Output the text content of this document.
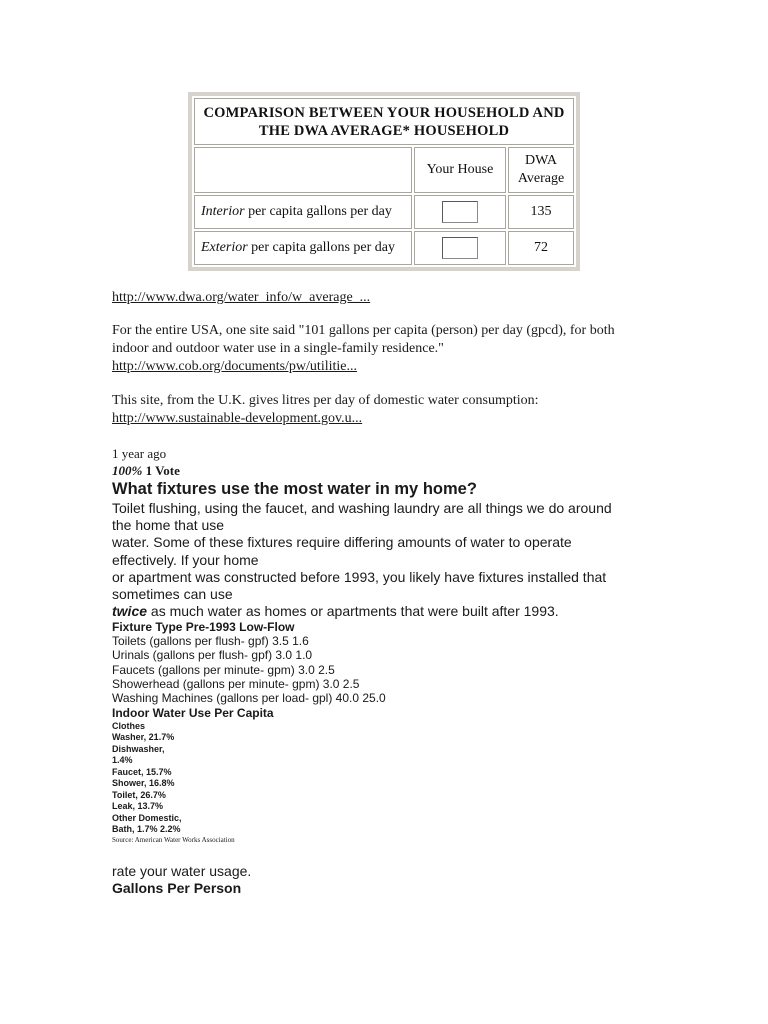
COMPARISON BETWEEN YOUR HOUSEHOLD AND
THE DWA AVERAGE* HOUSEHOLD		
	Your House	DWA
Average
Interior per capita gallons per day		135
Exterior per capita gallons per day		72
http://www.dwa.org/water_info/w_average_...
For the entire USA, one site said "101 gallons per capita (person) per day (gpcd), for both
indoor and outdoor water use in a single-family residence."
http://www.cob.org/documents/pw/utilitie...
This site, from the U.K. gives litres per day of domestic water consumption:
http://www.sustainable-development.gov.u...
1 year ago
100% 1 Vote
What fixtures use the most water in my home?
Toilet flushing, using the faucet, and washing laundry are all things we do around
the home that use
water. Some of these fixtures require differing amounts of water to operate
effectively. If your home
or apartment was constructed before 1993, you likely have fixtures installed that
sometimes can use
twice as much water as homes or apartments that were built after 1993.
Fixture Type Pre-1993 Low-Flow
Toilets (gallons per flush- gpf) 3.5 1.6
Urinals (gallons per flush- gpf) 3.0 1.0
Faucets (gallons per minute- gpm) 3.0 2.5
Showerhead (gallons per minute- gpm) 3.0 2.5
Washing Machines (gallons per load- gpl) 40.0 25.0
Indoor Water Use Per Capita
Clothes
Washer, 21.7%
Dishwasher,
1.4%
Faucet, 15.7%
Shower, 16.8%
Toilet, 26.7%
Leak, 13.7%
Other Domestic,
Bath, 1.7% 2.2%
Source: American Water Works Association
rate your water usage.
Gallons Per Person
